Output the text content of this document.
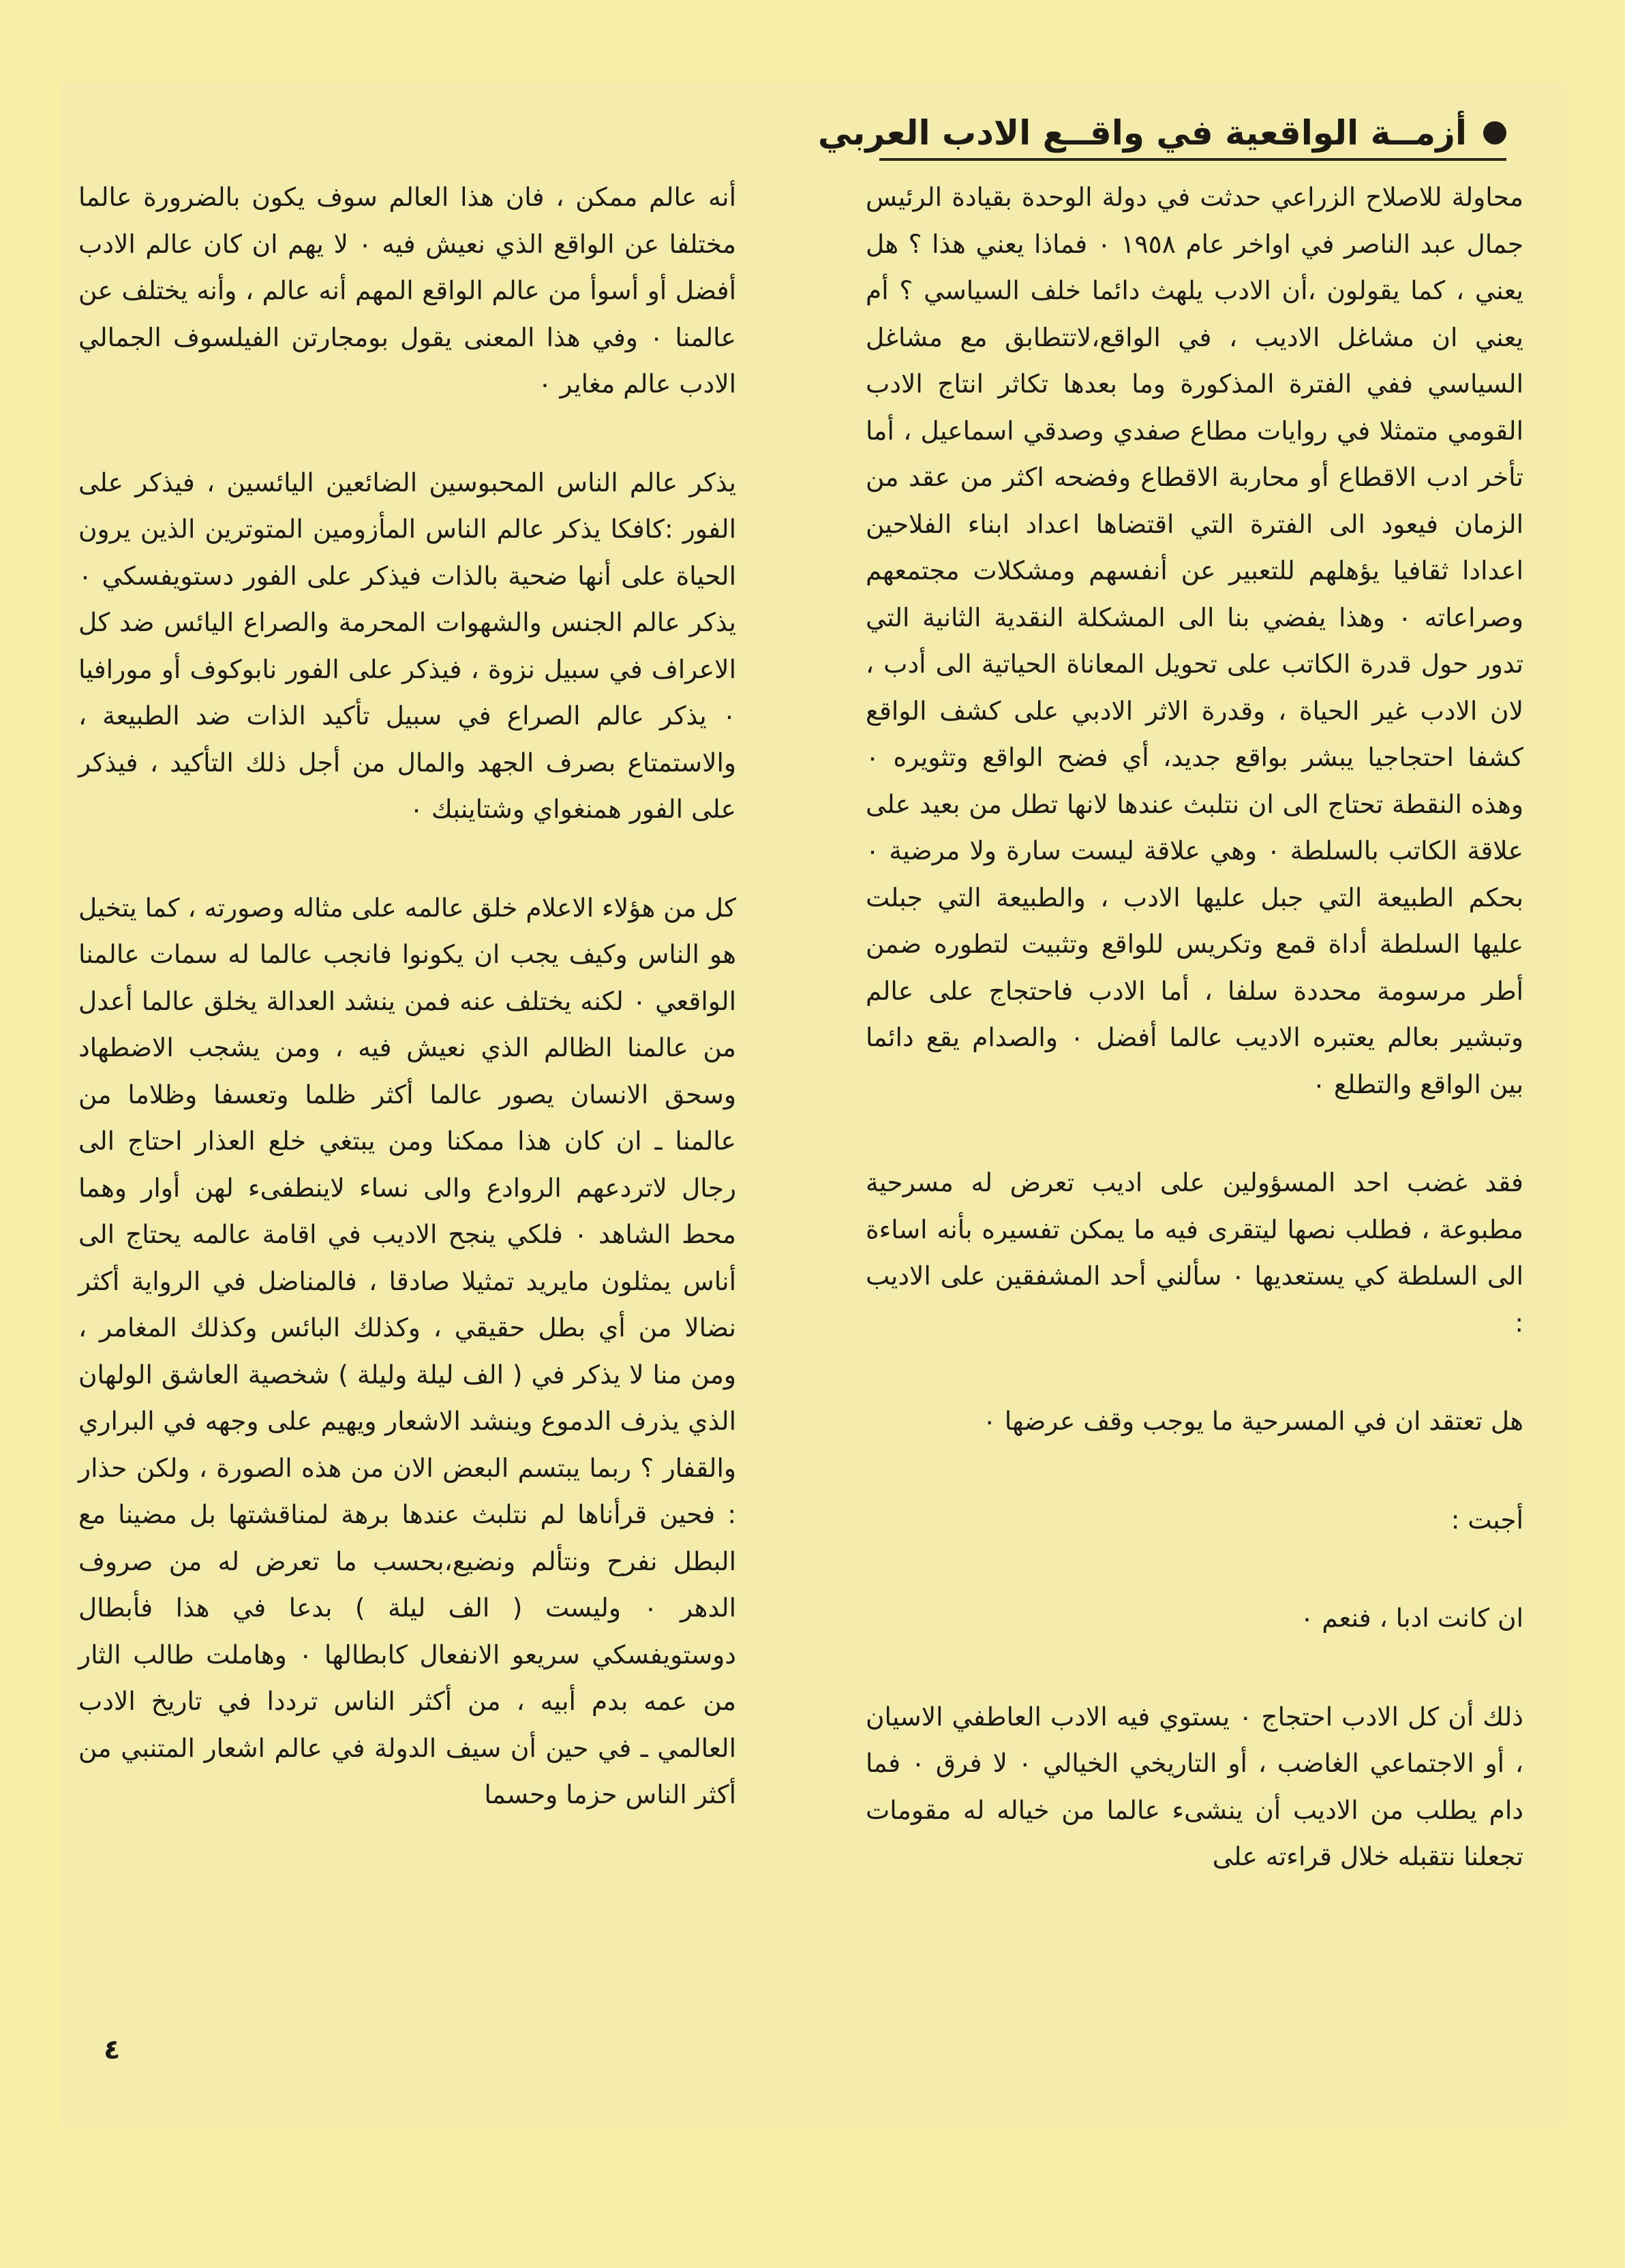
أزمــة الواقعية في واقــع الادب العربي

محاولة للاصلاح الزراعي حدثت في دولة الوحدة بقيادة الرئيس جمال عبد الناصر في اواخر عام ١٩٥٨ ٠ فماذا يعني هذا ؟ هل يعني ، كما يقولون ،أن الادب يلهث دائما خلف السياسي ؟ أم يعني ان مشاغل الاديب ، في الواقع،لاتتطابق مع مشاغل السياسي ففي الفترة المذكورة وما بعدها تكاثر انتاج الادب القومي متمثلا في روايات مطاع صفدي وصدقي اسماعيل ، أما تأخر ادب الاقطاع أو محاربة الاقطاع وفضحه اكثر من عقد من الزمان فيعود الى الفترة التي اقتضاها اعداد ابناء الفلاحين اعدادا ثقافيا يؤهلهم للتعبير عن أنفسهم ومشكلات مجتمعهم وصراعاته ٠ وهذا يفضي بنا الى المشكلة النقدية الثانية التي تدور حول قدرة الكاتب على تحويل المعاناة الحياتية الى أدب ، لان الادب غير الحياة ، وقدرة الاثر الادبي على كشف الواقع كشفا احتجاجيا يبشر بواقع جديد، أي فضح الواقع وتثويره ٠ وهذه النقطة تحتاج الى ان نتلبث عندها لانها تطل من بعيد على علاقة الكاتب بالسلطة ٠ وهي علاقة ليست سارة ولا مرضية ٠ بحكم الطبيعة التي جبل عليها الادب ، والطبيعة التي جبلت عليها السلطة أداة قمع وتكريس للواقع وتثبيت لتطوره ضمن أطر مرسومة محددة سلفا ، أما الادب فاحتجاج على عالم وتبشير بعالم يعتبره الاديب عالما أفضل ٠ والصدام يقع دائما بين الواقع والتطلع ٠

فقد غضب احد المسؤولين على اديب تعرض له مسرحية مطبوعة ، فطلب نصها ليتقرى فيه ما يمكن تفسيره بأنه اساءة الى السلطة كي يستعديها ٠ سألني أحد المشفقين على الاديب :

هل تعتقد ان في المسرحية ما يوجب وقف عرضها ٠

أجبت :

ان كانت ادبا ، فنعم ٠

ذلك أن كل الادب احتجاج ٠ يستوي فيه الادب العاطفي الاسيان ، أو الاجتماعي الغاضب ، أو التاريخي الخيالي ٠ لا فرق ٠ فما دام يطلب من الاديب أن ينشىء عالما من خياله له مقومات تجعلنا نتقبله خلال قراءته على

أنه عالم ممكن ، فان هذا العالم سوف يكون بالضرورة عالما مختلفا عن الواقع الذي نعيش فيه ٠ لا يهم ان كان عالم الادب أفضل أو أسوأ من عالم الواقع المهم أنه عالم ، وأنه يختلف عن عالمنا ٠ وفي هذا المعنى يقول بومجارتن الفيلسوف الجمالي الادب عالم مغاير ٠

يذكر عالم الناس المحبوسين الضائعين اليائسين ، فيذكر على الفور :كافكا يذكر عالم الناس المأزومين المتوترين الذين يرون الحياة على أنها ضحية بالذات فيذكر على الفور دستويفسكي ٠ يذكر عالم الجنس والشهوات المحرمة والصراع اليائس ضد كل الاعراف في سبيل نزوة ، فيذكر على الفور نابوكوف أو مورافيا ٠ يذكر عالم الصراع في سبيل تأكيد الذات ضد الطبيعة ، والاستمتاع بصرف الجهد والمال من أجل ذلك التأكيد ، فيذكر على الفور همنغواي وشتاينبك ٠

كل من هؤلاء الاعلام خلق عالمه على مثاله وصورته ، كما يتخيل هو الناس وكيف يجب ان يكونوا فانجب عالما له سمات عالمنا الواقعي ٠ لكنه يختلف عنه فمن ينشد العدالة يخلق عالما أعدل من عالمنا الظالم الذي نعيش فيه ، ومن يشجب الاضطهاد وسحق الانسان يصور عالما أكثر ظلما وتعسفا وظلاما من عالمنا ـ ان كان هذا ممكنا ومن يبتغي خلع العذار احتاج الى رجال لاتردعهم الروادع والى نساء لاينطفىء لهن أوار وهما محط الشاهد ٠ فلكي ينجح الاديب في اقامة عالمه يحتاج الى أناس يمثلون مايريد تمثيلا صادقا ، فالمناضل في الرواية أكثر نضالا من أي بطل حقيقي ، وكذلك البائس وكذلك المغامر ، ومن منا لا يذكر في ( الف ليلة وليلة ) شخصية العاشق الولهان الذي يذرف الدموع وينشد الاشعار ويهيم على وجهه في البراري والقفار ؟ ربما يبتسم البعض الان من هذه الصورة ، ولكن حذار : فحين قرأناها لم نتلبث عندها برهة لمناقشتها بل مضينا مع البطل نفرح ونتألم ونضيع،بحسب ما تعرض له من صروف الدهر ٠ وليست ( الف ليلة ) بدعا في هذا فأبطال دوستويفسكي سريعو الانفعال كابطالها ٠ وهاملت طالب الثار من عمه بدم أبيه ، من أكثر الناس ترددا في تاريخ الادب العالمي ـ في حين أن سيف الدولة في عالم اشعار المتنبي من أكثر الناس حزما وحسما

٤
